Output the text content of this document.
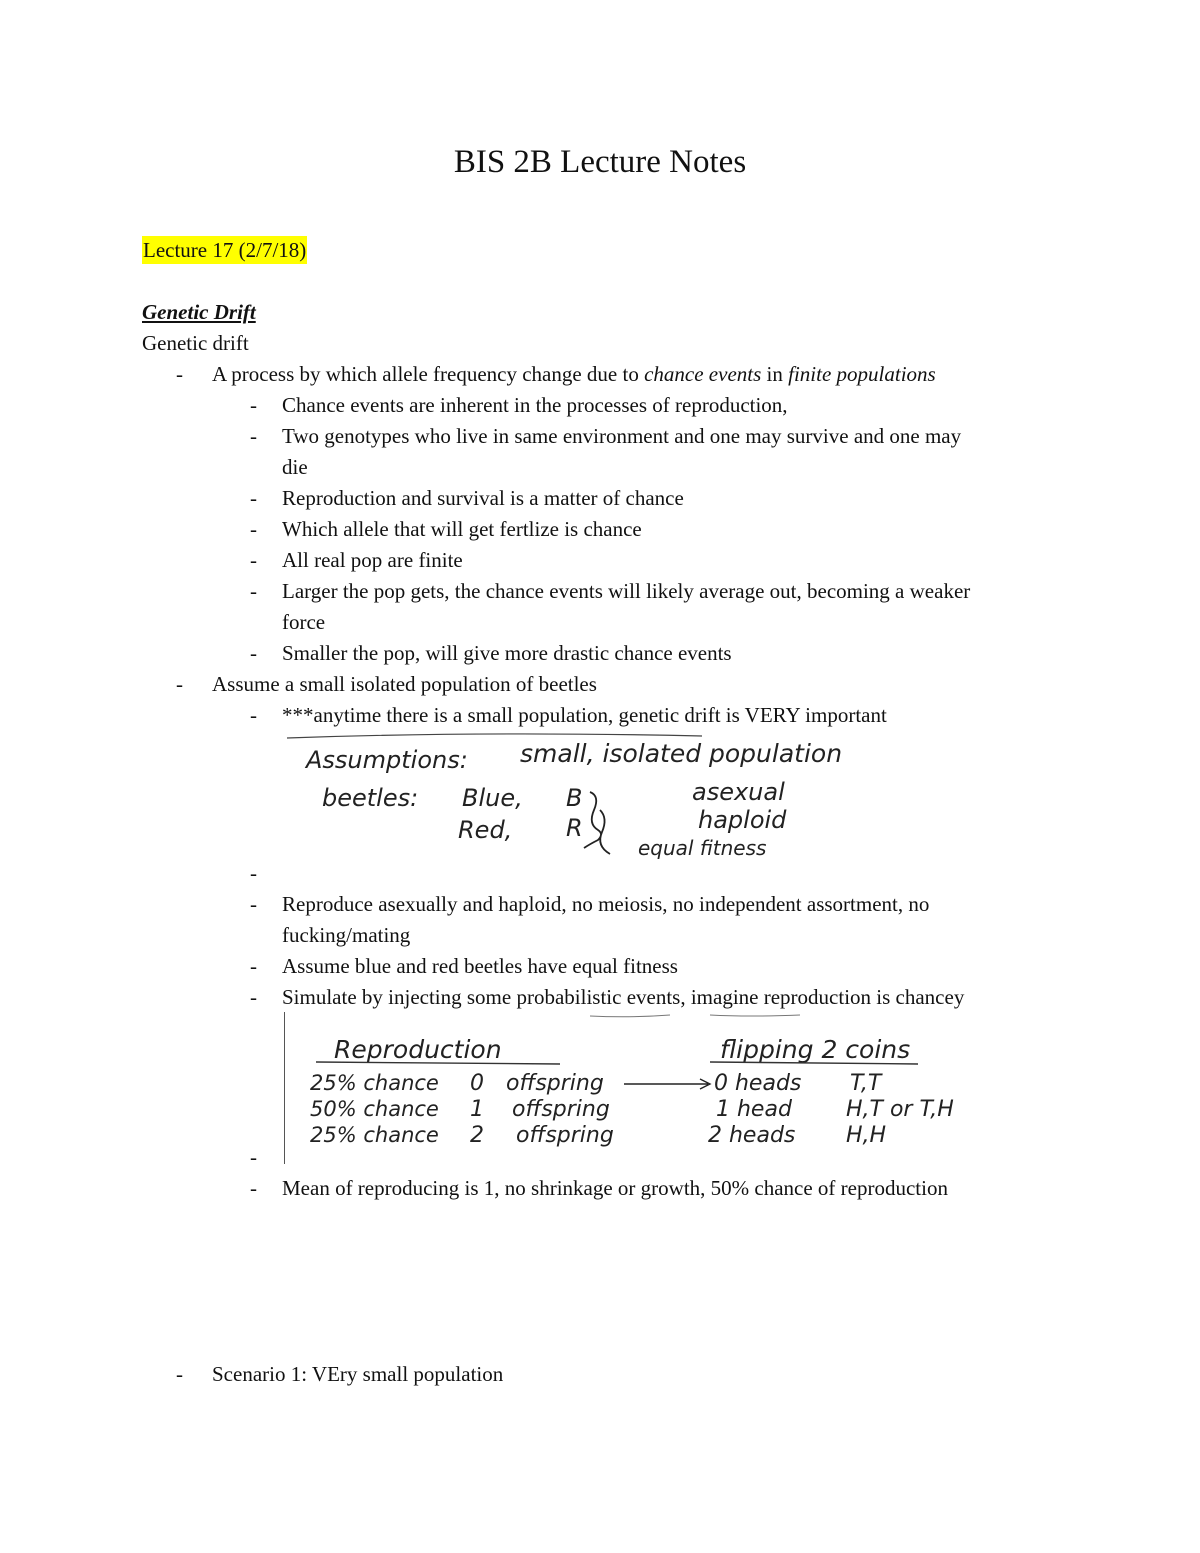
BIS 2B Lecture Notes
Lecture 17 (2/7/18)
Genetic Drift
Genetic drift
- A process by which allele frequency change due to chance events in finite populations
- Chance events are inherent in the processes of reproduction,
- Two genotypes who live in same environment and one may survive and one may
die
- Reproduction and survival is a matter of chance
- Which allele that will get fertlize is chance
- All real pop are finite
- Larger the pop gets, the chance events will likely average out, becoming a weaker
force
- Smaller the pop, will give more drastic chance events
- Assume a small isolated population of beetles
- ***anytime there is a small population, genetic drift is VERY important
Assumptions: small, isolated population
beetles: Blue, B
Red, R
asexual
haploid
equal fitness
-
- Reproduce asexually and haploid, no meiosis, no independent assortment, no
fucking/mating
- Assume blue and red beetles have equal fitness
- Simulate by injecting some probabilistic events, imagine reproduction is chancey
Reproduction	flipping 2 coins
25% chance 0 offspring	0 heads T,T
50% chance 1 offspring	1 head H,T or T,H
25% chance 2 offspring	2 heads H,H
-
- Mean of reproducing is 1, no shrinkage or growth, 50% chance of reproduction
- Scenario 1: VEry small population
